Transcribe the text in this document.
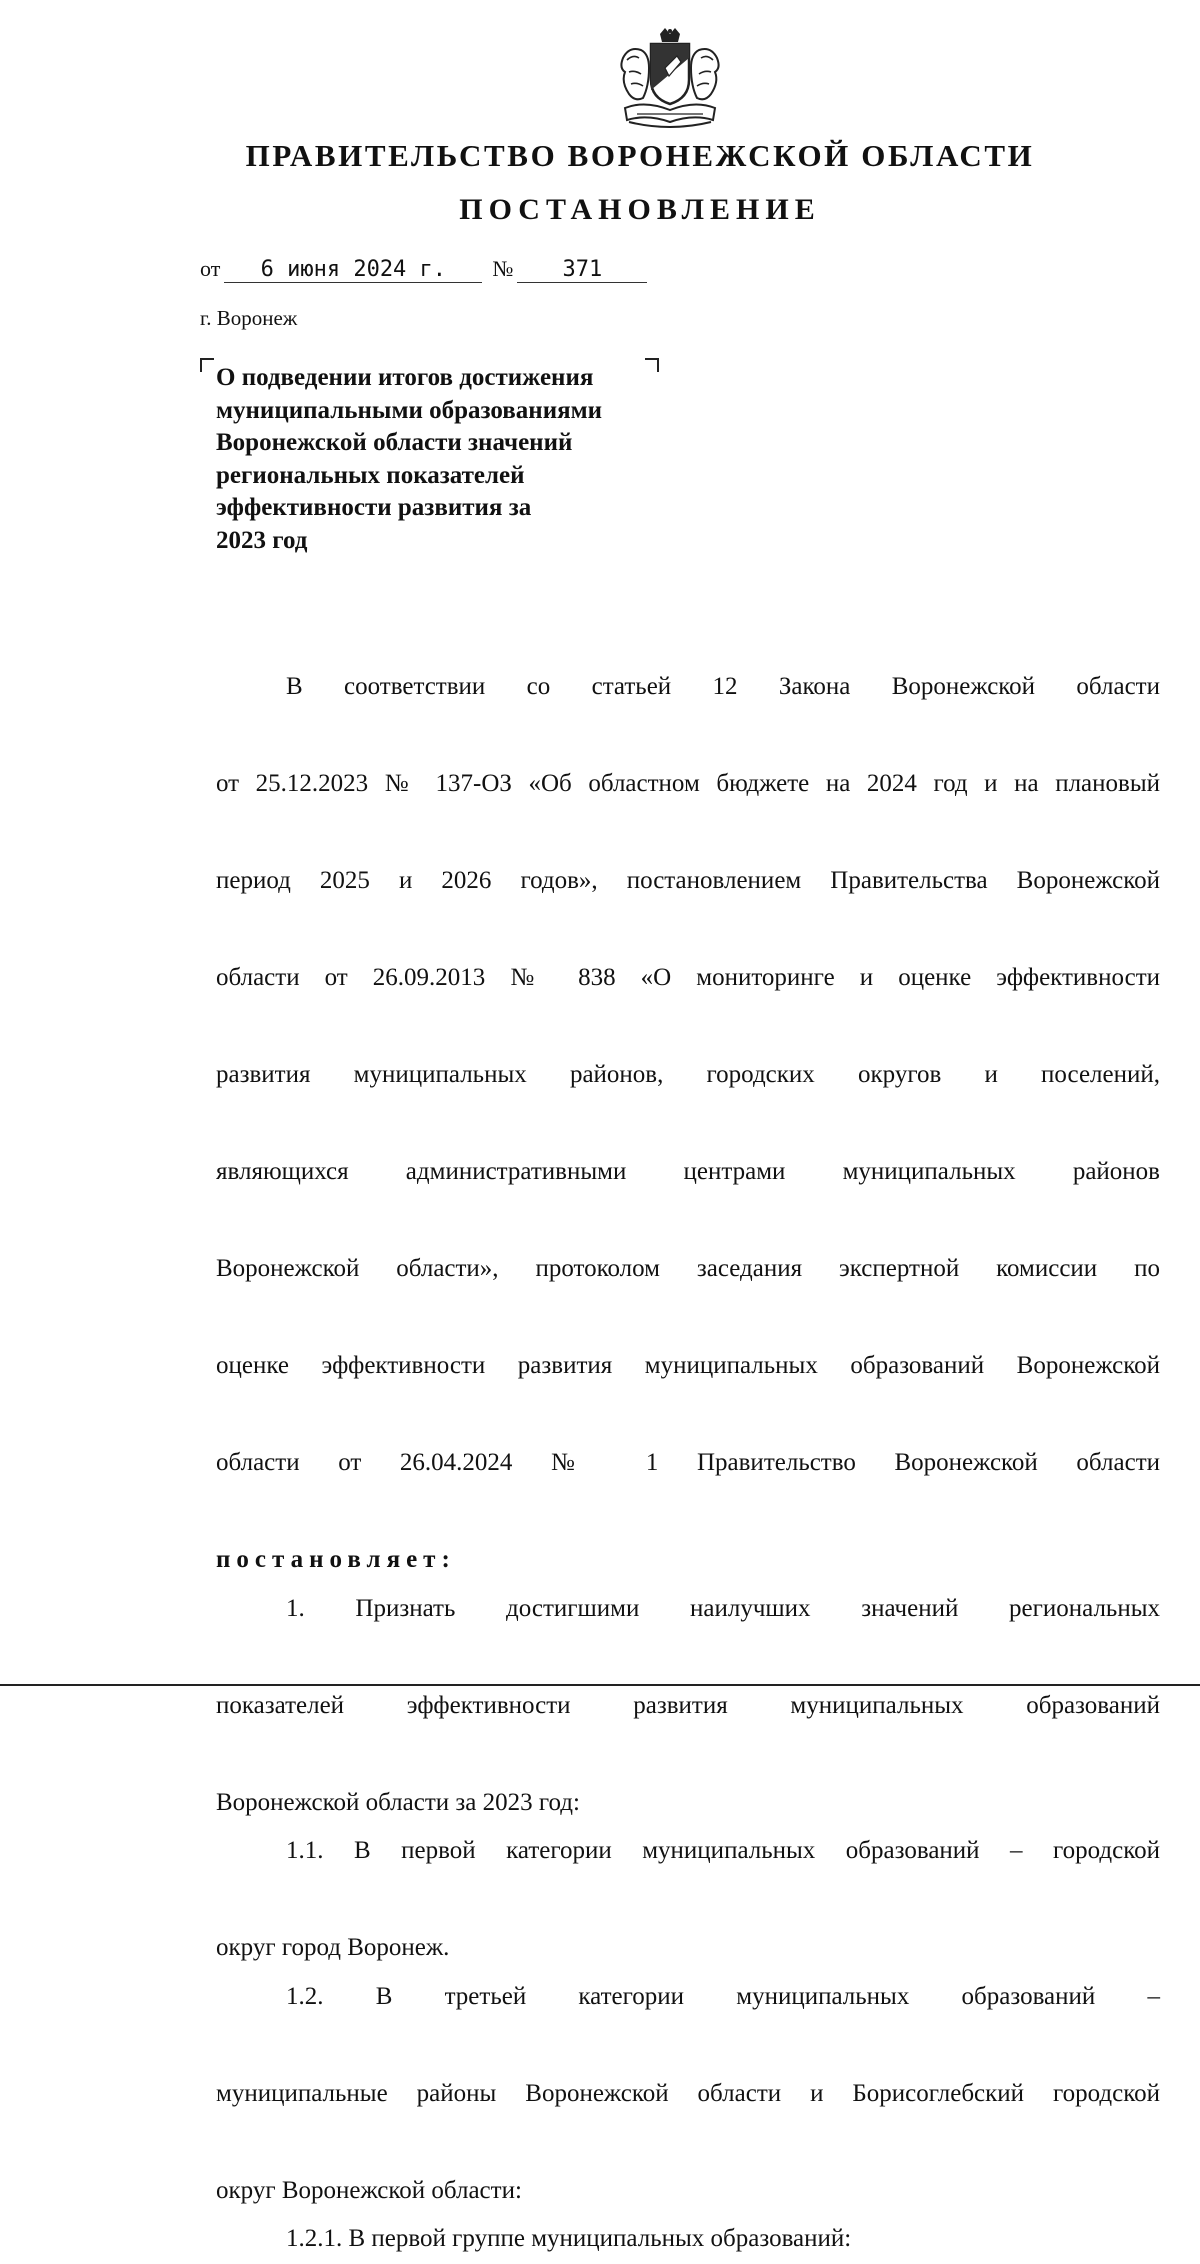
ПРАВИТЕЛЬСТВО ВОРОНЕЖСКОЙ ОБЛАСТИ
ПОСТАНОВЛЕНИЕ
от 6 июня 2024 г. № 371
г. Воронеж
О подведении итогов достижения
муниципальными образованиями
Воронежской области значений
региональных показателей
эффективности развития за
2023 год

В соответствии со статьей 12 Закона Воронежской области

от 25.12.2023 № 137-ОЗ «Об областном бюджете на 2024 год и на плановый

период 2025 и 2026 годов», постановлением Правительства Воронежской

области от 26.09.2013 № 838 «О мониторинге и оценке эффективности

развития муниципальных районов, городских округов и поселений,

являющихся административными центрами муниципальных районов

Воронежской области», протоколом заседания экспертной комиссии по

оценке эффективности развития муниципальных образований Воронежской

области от 26.04.2024 № 1 Правительство Воронежской области

постановляет:

1. Признать достигшими наилучших значений региональных

показателей эффективности развития муниципальных образований

Воронежской области за 2023 год:

1.1. В первой категории муниципальных образований – городской

округ город Воронеж.

1.2. В третьей категории муниципальных образований –

муниципальные районы Воронежской области и Борисоглебский городской

округ Воронежской области:

1.2.1. В первой группе муниципальных образований:
